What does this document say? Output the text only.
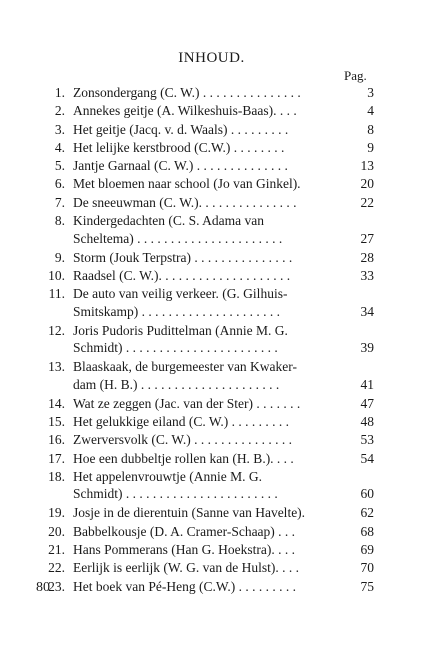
INHOUD.
Pag.
1 . Zonsondergang (C. W.) . . . . . . . . . . . . . . .	3
2 . Annekes geitje (A. Wilkeshuis-Baas). . . .	4
3 . Het geitje (Jacq. v. d. Waals) . . . . . . . . .	8
4 . Het lelijke kerstbrood (C.W.) . . . . . . . .	9
5 . Jantje Garnaal (C. W.) . . . . . . . . . . . . . .	13
6 . Met bloemen naar school (Jo van Ginkel).	20
7 . De sneeuwman (C. W.). . . . . . . . . . . . . . .	22
8 . Kindergedachten (C. S. Adama van
Scheltema) . . . . . . . . . . . . . . . . . . . . . .	27
9 . Storm (Jouk Terpstra) . . . . . . . . . . . . . . .	28
10 . Raadsel (C. W.). . . . . . . . . . . . . . . . . . . .	33
11 . De auto van veilig verkeer. (G. Gilhuis-
Smitskamp) . . . . . . . . . . . . . . . . . . . . .	34
12 . Joris Pudoris Pudittelman (Annie M. G.
Schmidt) . . . . . . . . . . . . . . . . . . . . . . .	39
13 . Blaaskaak, de burgemeester van Kwaker-
dam (H. B.) . . . . . . . . . . . . . . . . . . . . .	41
14 . Wat ze zeggen (Jac. van der Ster) . . . . . . .	47
15 . Het gelukkige eiland (C. W.) . . . . . . . . .	48
16 . Zwerversvolk (C. W.) . . . . . . . . . . . . . . .	53
17 . Hoe een dubbeltje rollen kan (H. B.). . . .	54
18 . Het appelenvrouwtje (Annie M. G.
Schmidt) . . . . . . . . . . . . . . . . . . . . . . .	60
19 . Josje in de dierentuin (Sanne van Havelte).	62
20 . Babbelkousje (D. A. Cramer-Schaap) . . .	68
21 . Hans Pommerans (Han G. Hoekstra). . . .	69
22 . Eerlijk is eerlijk (W. G. van de Hulst). . . .	70
23 . Het boek van Pé-Heng (C.W.) . . . . . . . . .	75
80
